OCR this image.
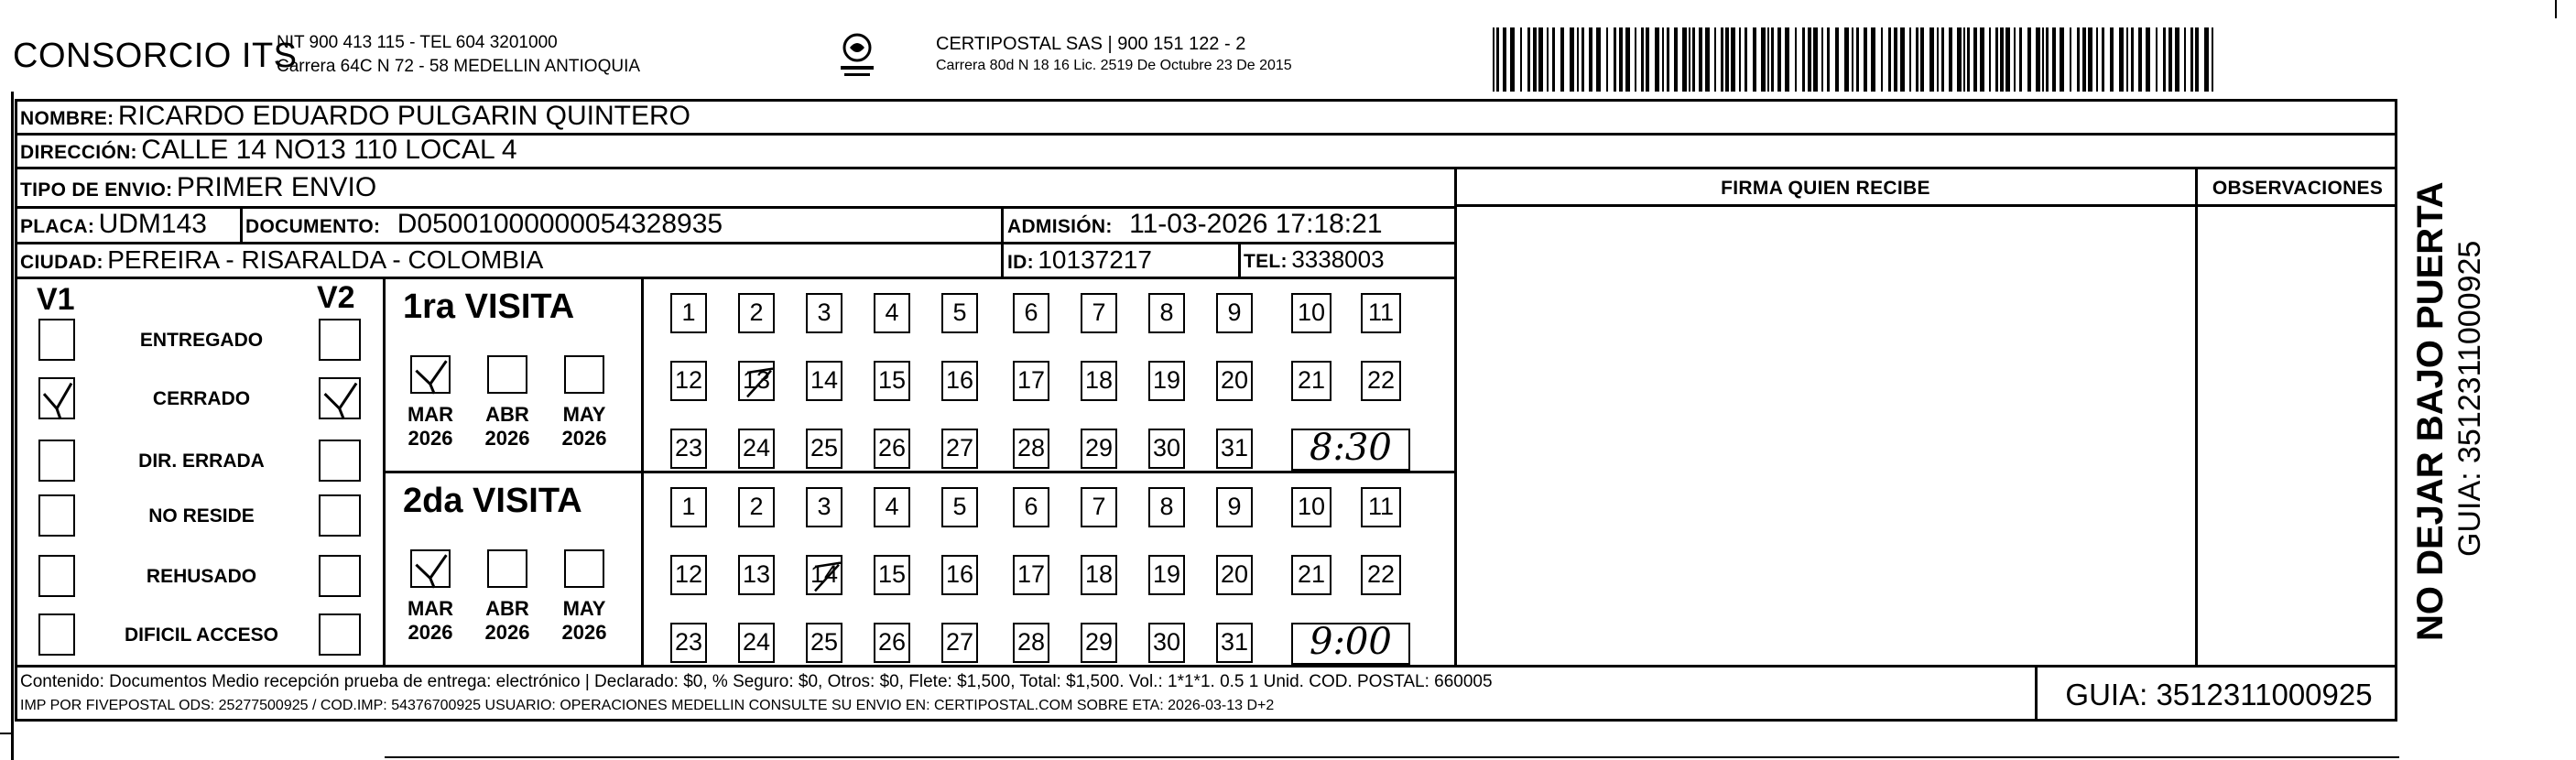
CONSORCIO ITS
NIT 900 413 115 - TEL 604 3201000
Carrera 64C N 72 - 58 MEDELLIN ANTIOQUIA
CERTIPOSTAL SAS | 900 151 122 - 2
Carrera 80d N 18 16 Lic. 2519 De Octubre 23 De 2015
NOMBRE: RICARDO EDUARDO PULGARIN QUINTERO
DIRECCIÓN: CALLE 14 NO13 110 LOCAL 4
TIPO DE ENVIO: PRIMER ENVIO
PLACA: UDM143 DOCUMENTO: D05001000000054328935	ADMISIÓN: 11-03-2026 17:18:21
CIUDAD: PEREIRA - RISARALDA - COLOMBIA	ID: 10137217	TEL: 3338003
FIRMA QUIEN RECIBE	OBSERVACIONES
V1	V2
ENTREGADO
CERRADO
DIR. ERRADA
NO RESIDE
REHUSADO
DIFICIL ACCESO
1ra VISITA
MAR
2026
ABR
2026
MAY
2026
1	2	3	4	5	6	7	8	9	10 11
12 13 14 15 16 17 18 19 20 21 22
23 24 25 26 27 28 29 30 31 8:30
2da VISITA
MAR
2026
ABR
2026
MAY
2026
1	2	3	4	5	6	7	8	9	10 11
12 13 14 15 16 17 18 19 20 21 22
23 24 25 26 27 28 29 30 31 9:00
Contenido: Documentos Medio recepción prueba de entrega: electrónico | Declarado: $0, % Seguro: $0, Otros: $0, Flete: $1,500, Total: $1,500. Vol.: 1*1*1. 0.5 1 Unid. COD. POSTAL: 660005
IMP POR FIVEPOSTAL ODS: 25277500925 / COD.IMP: 54376700925 USUARIO: OPERACIONES MEDELLIN CONSULTE SU ENVIO EN: CERTIPOSTAL.COM SOBRE ETA: 2026-03-13 D+2	GUIA: 3512311000925
NO DEJAR BAJO PUERTA GUIA: 3512311000925
